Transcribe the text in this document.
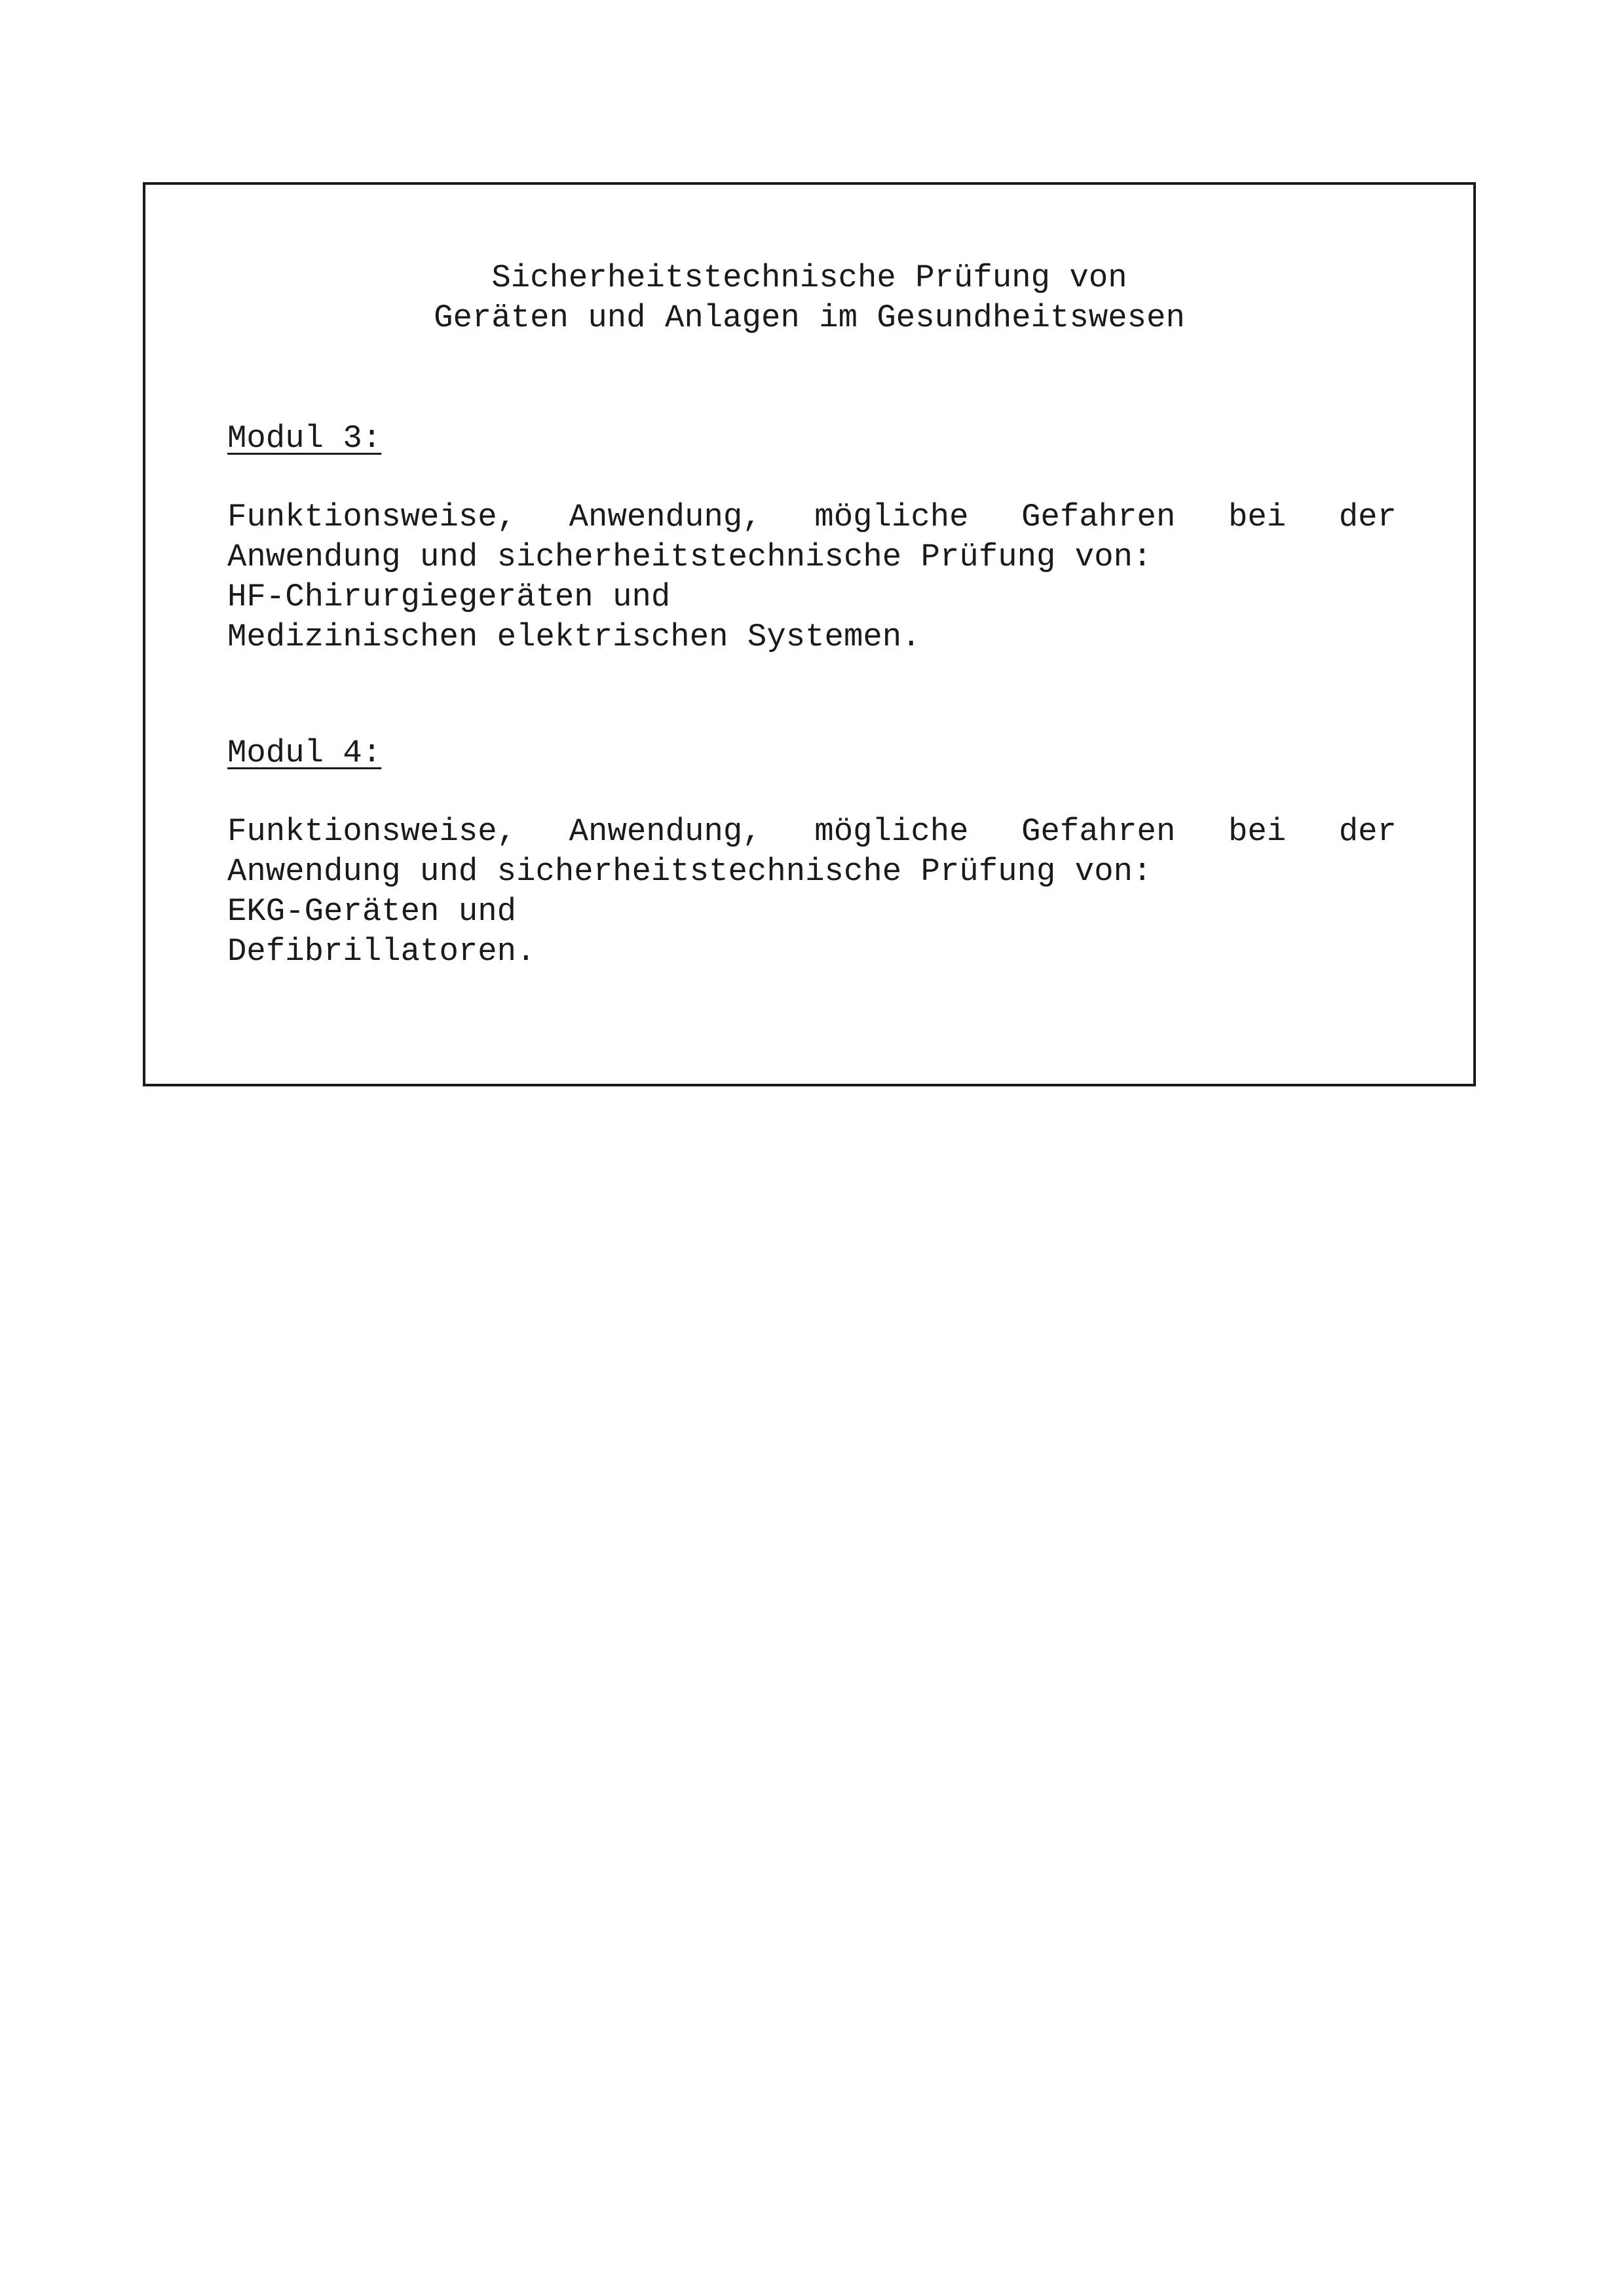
Sicherheitstechnische Prüfung von
Geräten und Anlagen im Gesundheitswesen
Modul 3:
Funktionsweise, Anwendung, mögliche Gefahren bei der
Anwendung und sicherheitstechnische Prüfung von:
HF-Chirurgiegeräten und
Medizinischen elektrischen Systemen.
Modul 4:
Funktionsweise, Anwendung, mögliche Gefahren bei der
Anwendung und sicherheitstechnische Prüfung von:
EKG-Geräten und
Defibrillatoren.
